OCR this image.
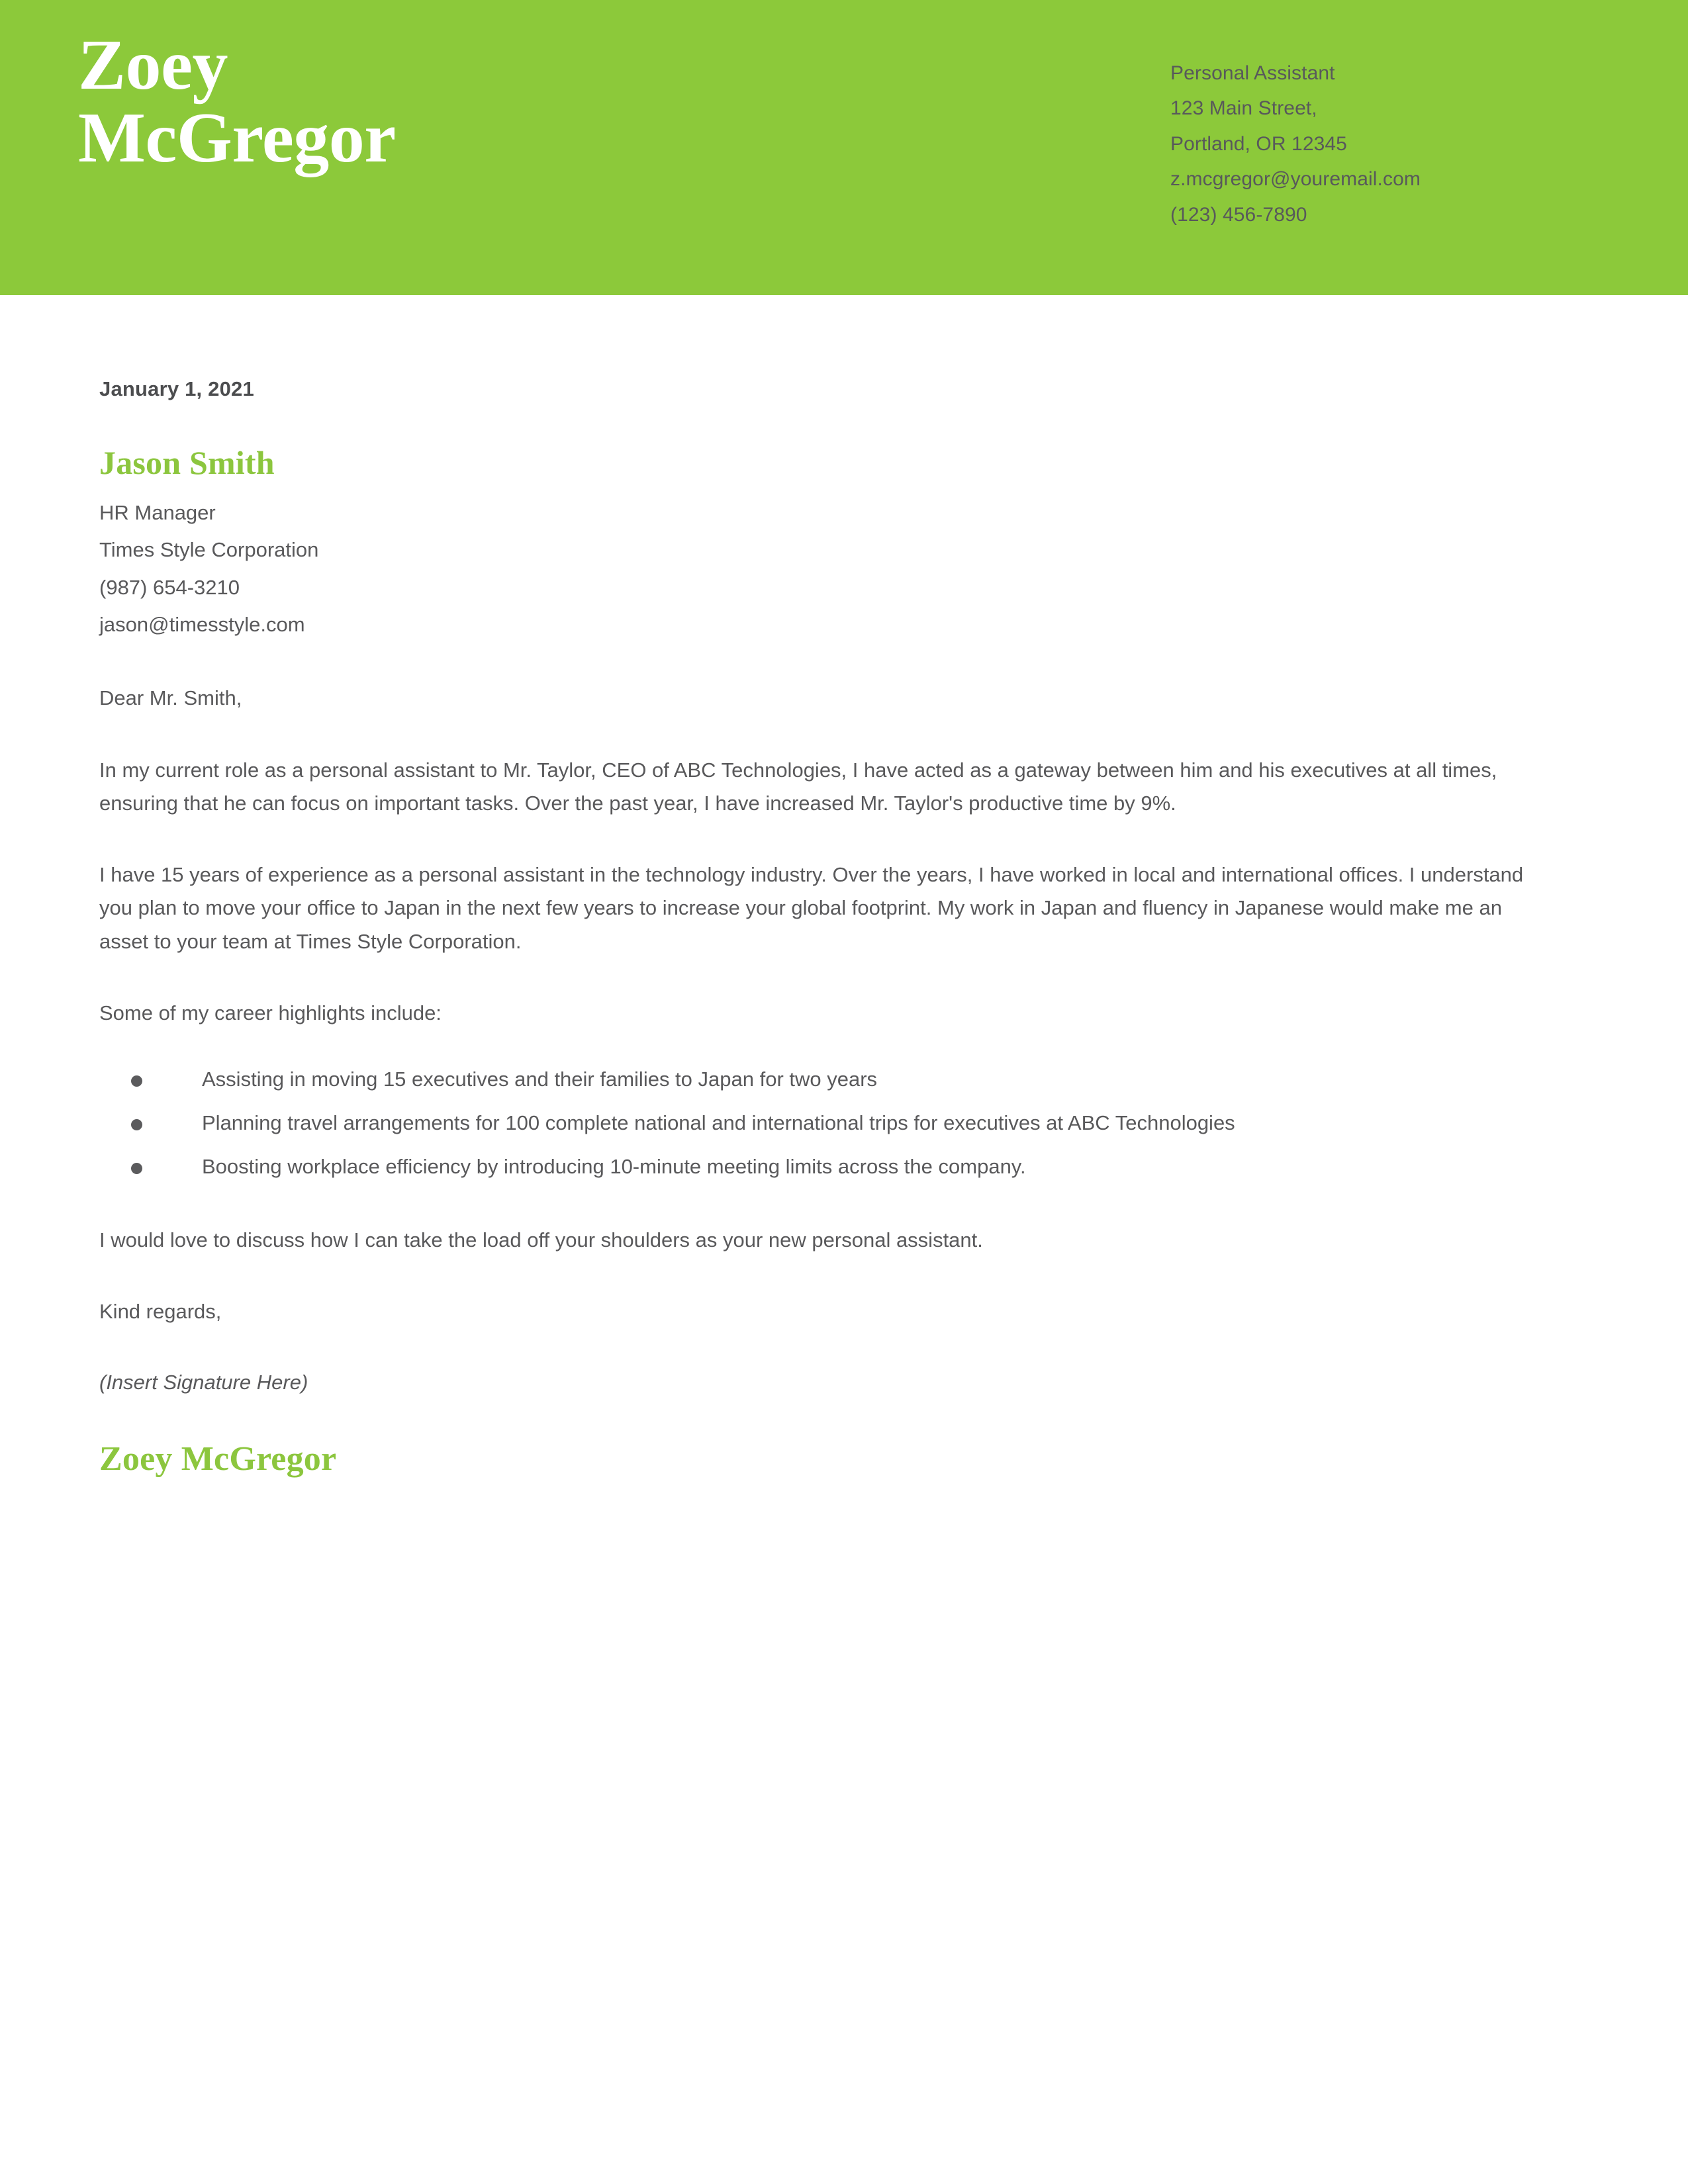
Zoey
McGregor
Personal Assistant
123 Main Street,
Portland, OR 12345
z.mcgregor@youremail.com
(123) 456-7890
January 1, 2021
Jason Smith
HR Manager
Times Style Corporation
(987) 654-3210
jason@timesstyle.com

Dear Mr. Smith,

In my current role as a personal assistant to Mr. Taylor, CEO of ABC Technologies, I have acted as a gateway between him and his executives at all times, ensuring that he can focus on important tasks. Over the past year, I have increased Mr. Taylor's productive time by 9%.

I have 15 years of experience as a personal assistant in the technology industry. Over the years, I have worked in local and international offices. I understand you plan to move your office to Japan in the next few years to increase your global footprint. My work in Japan and fluency in Japanese would make me an asset to your team at Times Style Corporation.

Some of my career highlights include:

Assisting in moving 15 executives and their families to Japan for two years
Planning travel arrangements for 100 complete national and international trips for executives at ABC Technologies
Boosting workplace efficiency by introducing 10-minute meeting limits across the company.

I would love to discuss how I can take the load off your shoulders as your new personal assistant.

Kind regards,

(Insert Signature Here)

Zoey McGregor
